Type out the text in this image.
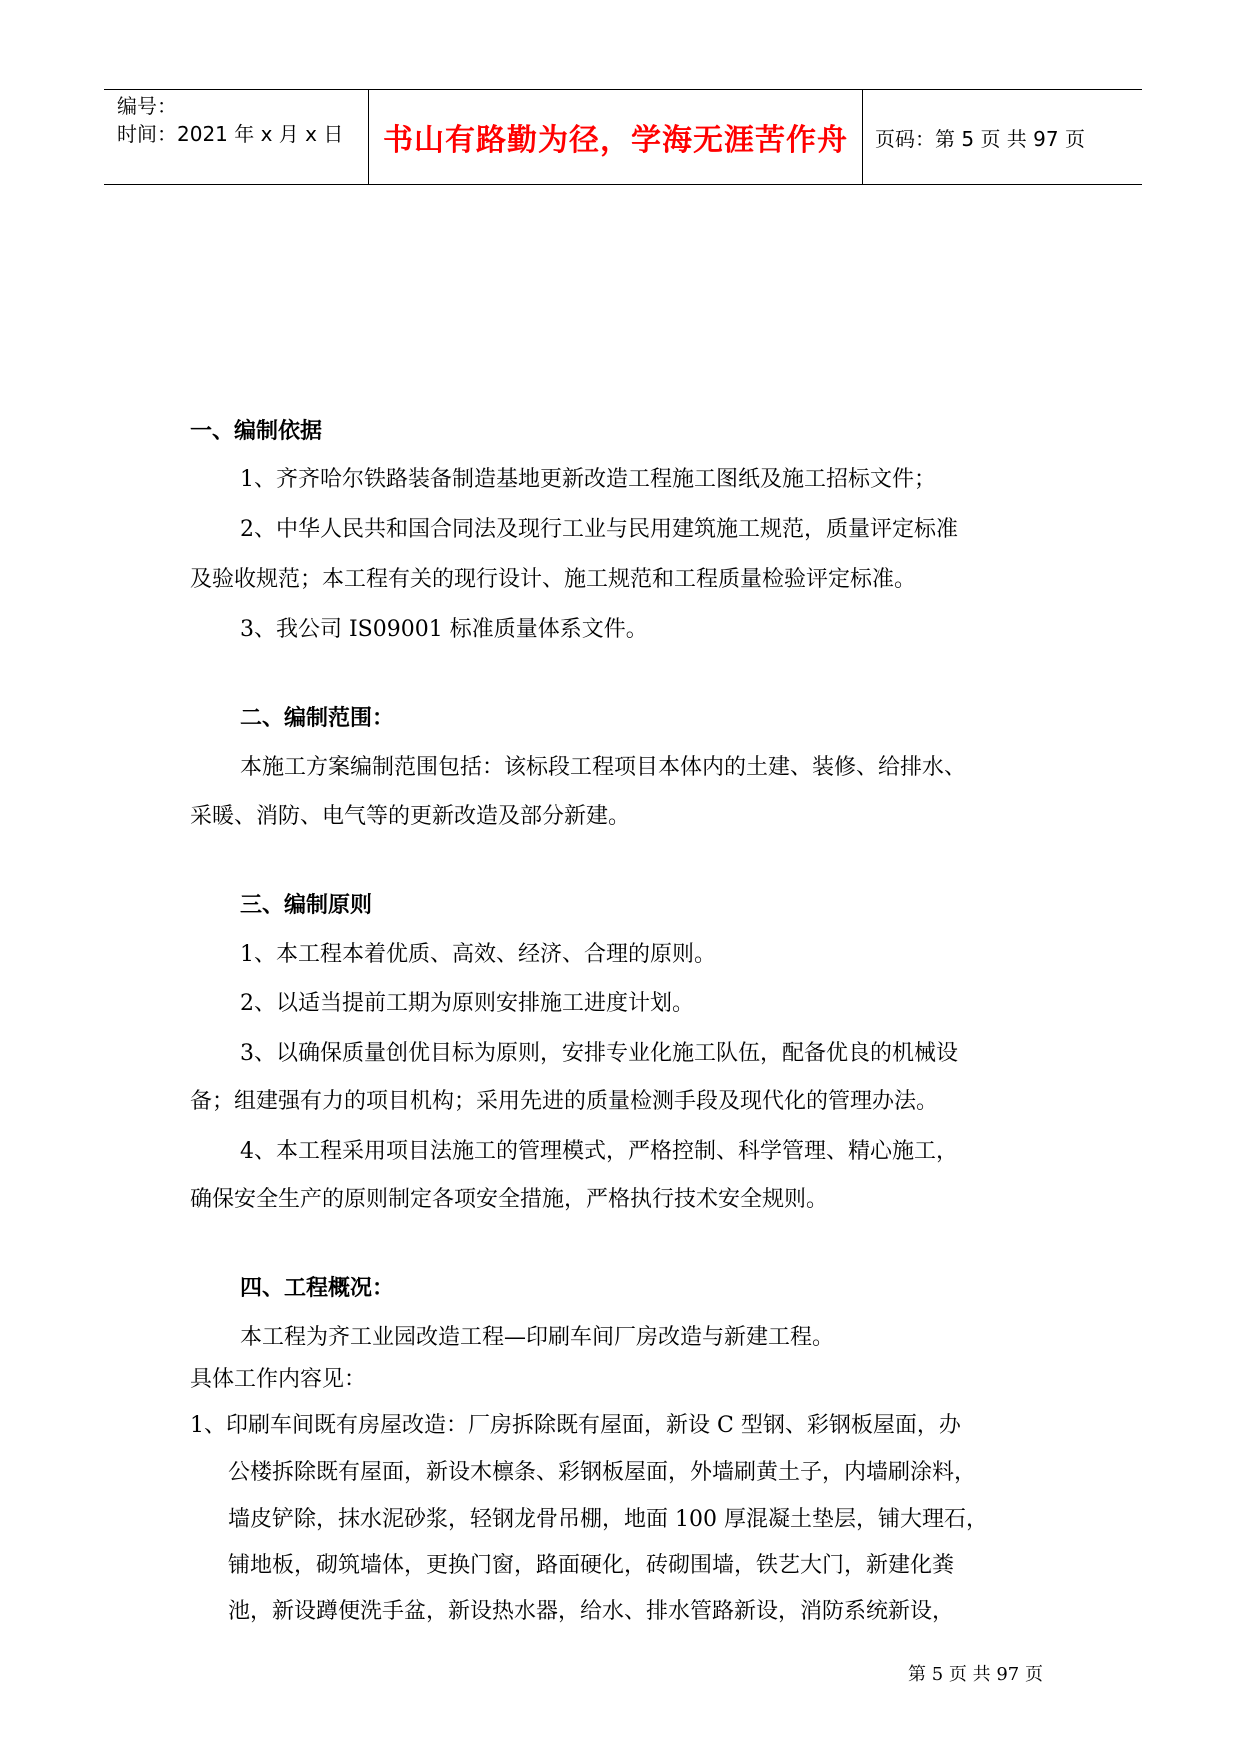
编号：
时间：2021 年 x 月 x 日 书山有路勤为径，学海无涯苦作舟 页码：第 5 页 共 97 页
一、编制依据
1、齐齐哈尔铁路装备制造基地更新改造工程施工图纸及施工招标文件；
2、中华人民共和国合同法及现行工业与民用建筑施工规范，质量评定标准
及验收规范；本工程有关的现行设计、施工规范和工程质量检验评定标准。
3、我公司 IS09001 标准质量体系文件。
二、编制范围：
本施工方案编制范围包括：该标段工程项目本体内的土建、装修、给排水、
采暖、消防、电气等的更新改造及部分新建。
三、编制原则
1、本工程本着优质、高效、经济、合理的原则。
2、以适当提前工期为原则安排施工进度计划。
3、以确保质量创优目标为原则，安排专业化施工队伍，配备优良的机械设
备；组建强有力的项目机构；采用先进的质量检测手段及现代化的管理办法。
4、本工程采用项目法施工的管理模式，严格控制、科学管理、精心施工，
确保安全生产的原则制定各项安全措施，严格执行技术安全规则。
四、工程概况：
本工程为齐工业园改造工程—印刷车间厂房改造与新建工程。
具体工作内容见：
1、印刷车间既有房屋改造：厂房拆除既有屋面，新设 C 型钢、彩钢板屋面，办
公楼拆除既有屋面，新设木檩条、彩钢板屋面，外墙刷黄土子，内墙刷涂料，
墙皮铲除，抹水泥砂浆，轻钢龙骨吊棚，地面 100 厚混凝土垫层，铺大理石，
铺地板，砌筑墙体，更换门窗，路面硬化，砖砌围墙，铁艺大门，新建化粪
池，新设蹲便洗手盆，新设热水器，给水、排水管路新设，消防系统新设，
第 5 页 共 97 页
